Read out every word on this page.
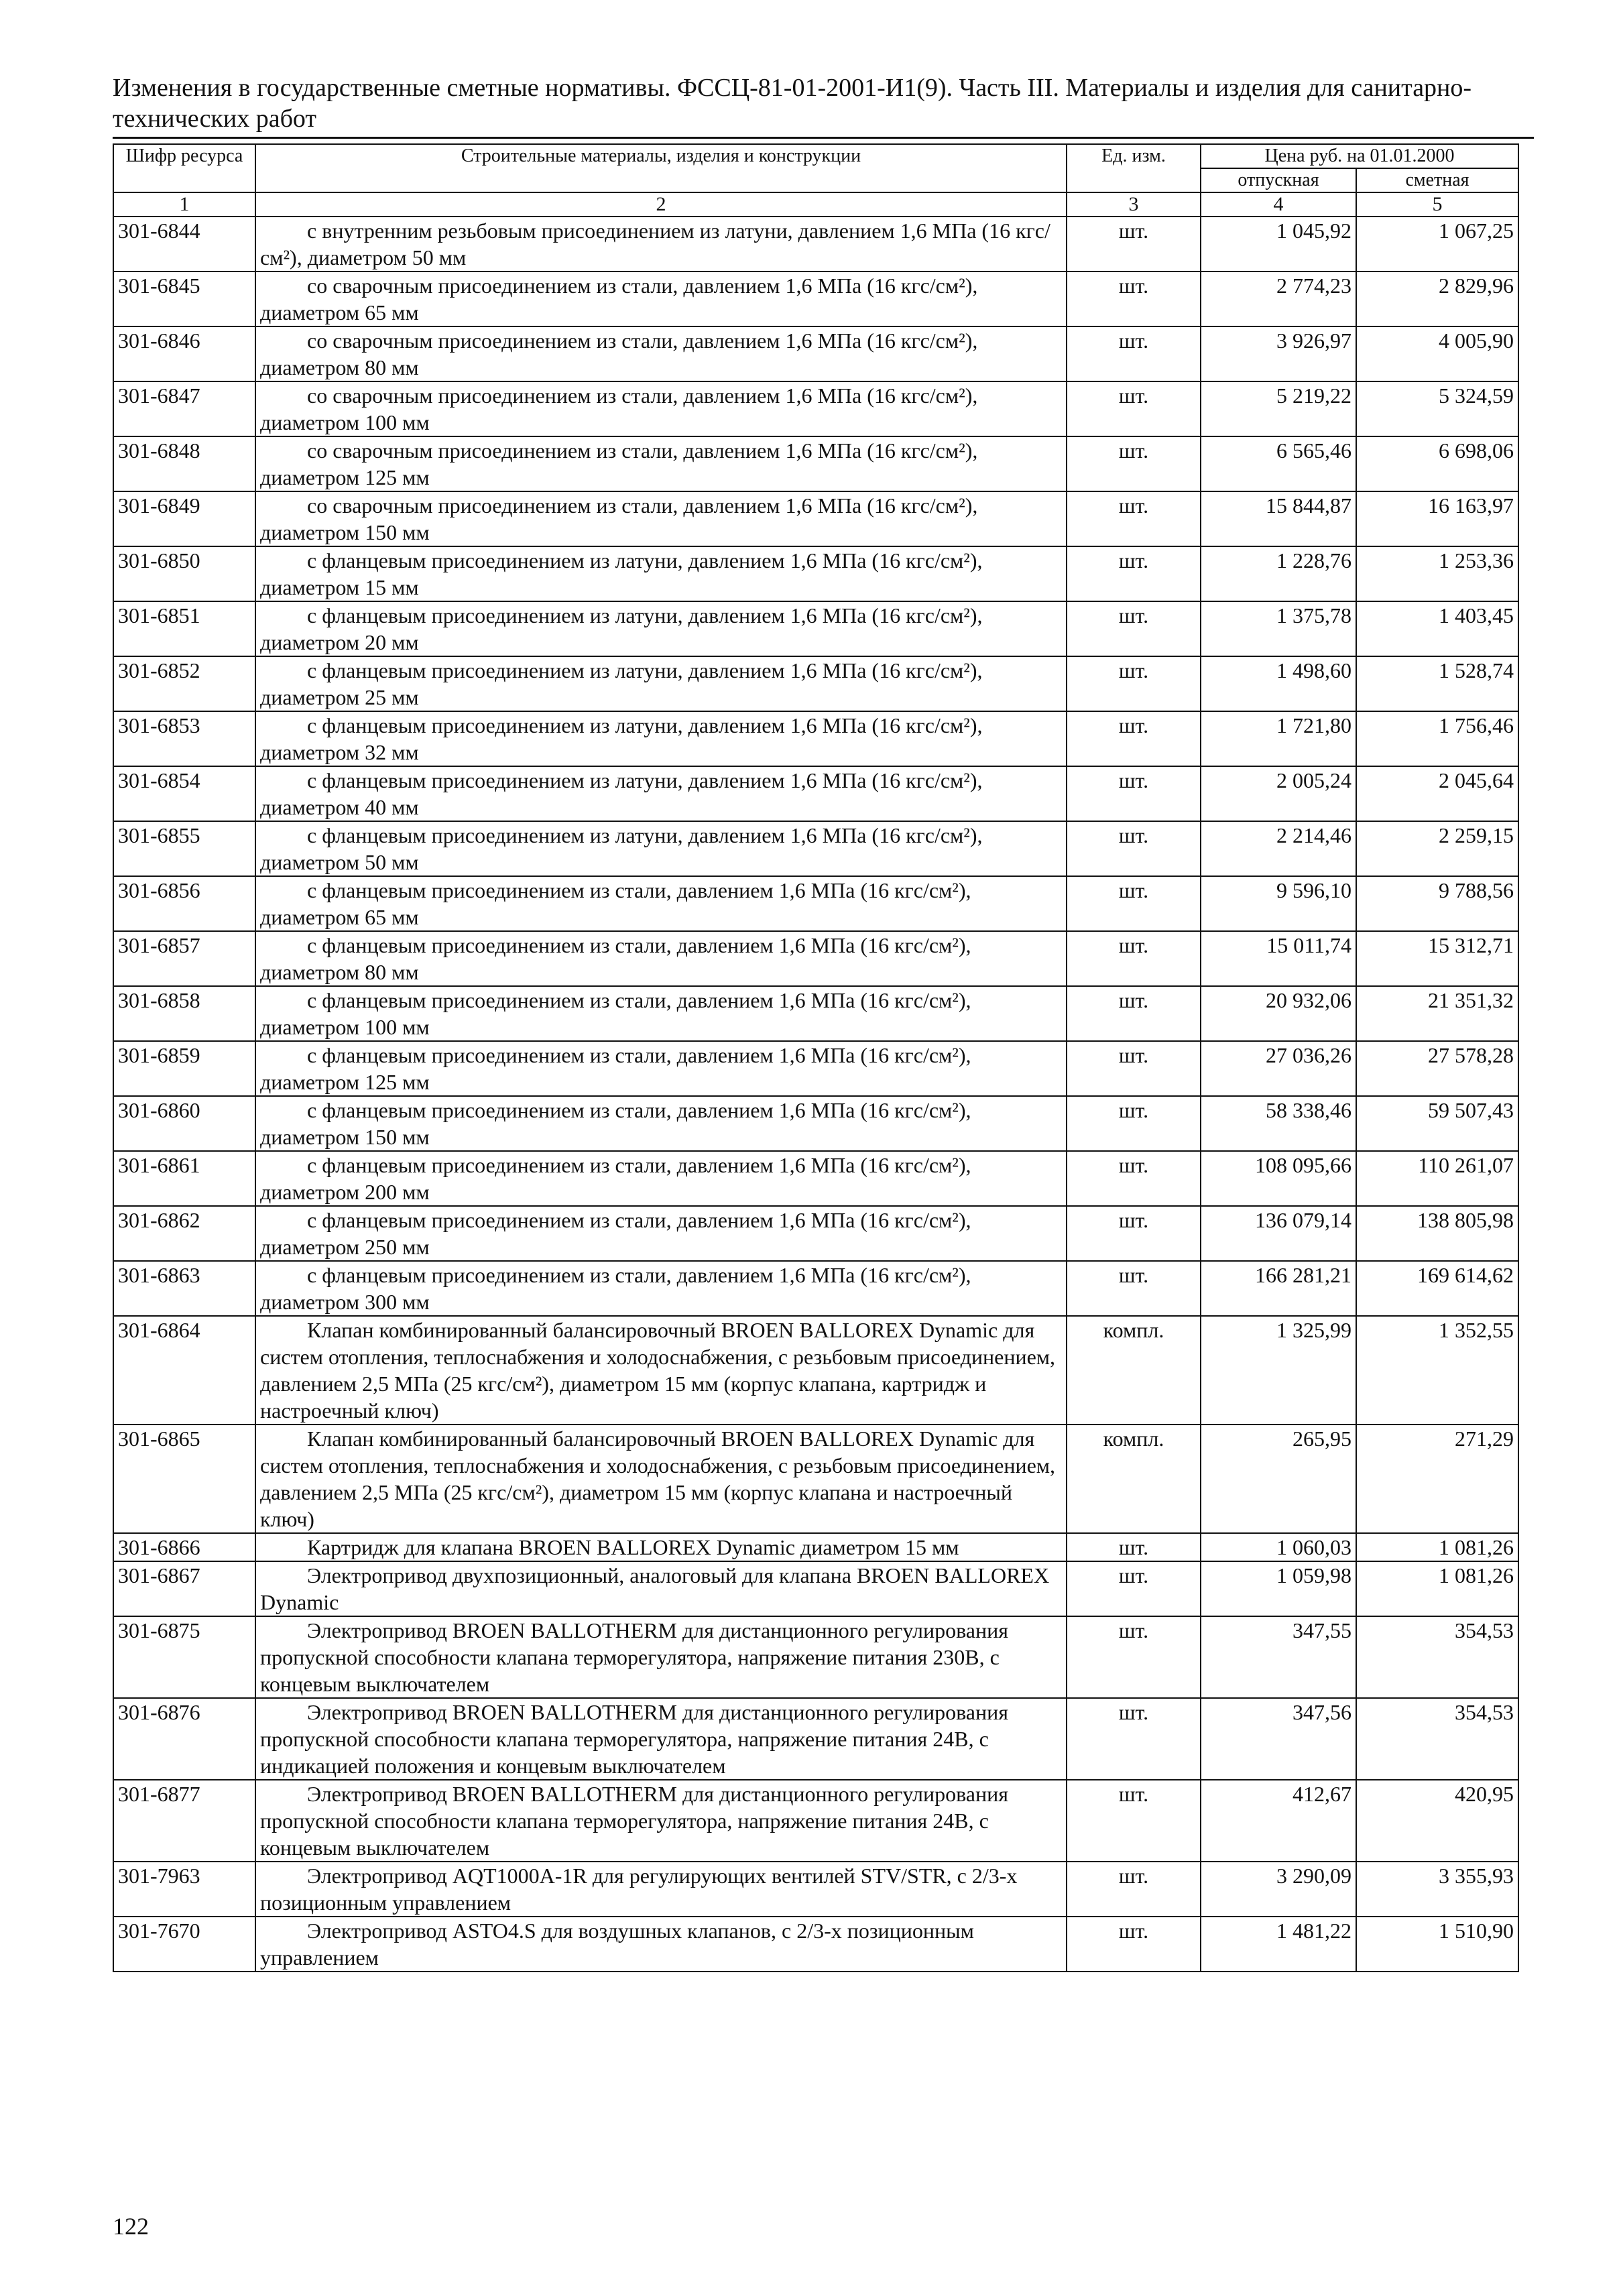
Изменения в государственные сметные нормативы. ФССЦ-81-01-2001-И1(9). Часть III. Материалы и изделия для санитарно-технических работ
Шифр ресурса	Строительные материалы, изделия и конструкции	Ед. изм.	Цена руб. на 01.01.2000	
			отпускная	сметная
1	2	3	4	5
301-6844	с внутренним резьбовым присоединением из латуни, давлением 1,6 МПа (16 кгс/см²), диаметром 50 мм	шт.	1 045,92	1 067,25
301-6845	со сварочным присоединением из стали, давлением 1,6 МПа (16 кгс/см²), диаметром 65 мм	шт.	2 774,23	2 829,96
301-6846	со сварочным присоединением из стали, давлением 1,6 МПа (16 кгс/см²), диаметром 80 мм	шт.	3 926,97	4 005,90
301-6847	со сварочным присоединением из стали, давлением 1,6 МПа (16 кгс/см²), диаметром 100 мм	шт.	5 219,22	5 324,59
301-6848	со сварочным присоединением из стали, давлением 1,6 МПа (16 кгс/см²), диаметром 125 мм	шт.	6 565,46	6 698,06
301-6849	со сварочным присоединением из стали, давлением 1,6 МПа (16 кгс/см²), диаметром 150 мм	шт.	15 844,87	16 163,97
301-6850	с фланцевым присоединением из латуни, давлением 1,6 МПа (16 кгс/см²), диаметром 15 мм	шт.	1 228,76	1 253,36
301-6851	с фланцевым присоединением из латуни, давлением 1,6 МПа (16 кгс/см²), диаметром 20 мм	шт.	1 375,78	1 403,45
301-6852	с фланцевым присоединением из латуни, давлением 1,6 МПа (16 кгс/см²), диаметром 25 мм	шт.	1 498,60	1 528,74
301-6853	с фланцевым присоединением из латуни, давлением 1,6 МПа (16 кгс/см²), диаметром 32 мм	шт.	1 721,80	1 756,46
301-6854	с фланцевым присоединением из латуни, давлением 1,6 МПа (16 кгс/см²), диаметром 40 мм	шт.	2 005,24	2 045,64
301-6855	с фланцевым присоединением из латуни, давлением 1,6 МПа (16 кгс/см²), диаметром 50 мм	шт.	2 214,46	2 259,15
301-6856	с фланцевым присоединением из стали, давлением 1,6 МПа (16 кгс/см²), диаметром 65 мм	шт.	9 596,10	9 788,56
301-6857	с фланцевым присоединением из стали, давлением 1,6 МПа (16 кгс/см²), диаметром 80 мм	шт.	15 011,74	15 312,71
301-6858	с фланцевым присоединением из стали, давлением 1,6 МПа (16 кгс/см²), диаметром 100 мм	шт.	20 932,06	21 351,32
301-6859	с фланцевым присоединением из стали, давлением 1,6 МПа (16 кгс/см²), диаметром 125 мм	шт.	27 036,26	27 578,28
301-6860	с фланцевым присоединением из стали, давлением 1,6 МПа (16 кгс/см²), диаметром 150 мм	шт.	58 338,46	59 507,43
301-6861	с фланцевым присоединением из стали, давлением 1,6 МПа (16 кгс/см²), диаметром 200 мм	шт.	108 095,66	110 261,07
301-6862	с фланцевым присоединением из стали, давлением 1,6 МПа (16 кгс/см²), диаметром 250 мм	шт.	136 079,14	138 805,98
301-6863	с фланцевым присоединением из стали, давлением 1,6 МПа (16 кгс/см²), диаметром 300 мм	шт.	166 281,21	169 614,62
301-6864	Клапан комбинированный балансировочный BROEN BALLOREX Dynamic для систем отопления, теплоснабжения и холодоснабжения, с резьбовым присоединением, давлением 2,5 МПа (25 кгс/см²), диаметром 15 мм (корпус клапана, картридж и настроечный ключ)	компл.	1 325,99	1 352,55
301-6865	Клапан комбинированный балансировочный BROEN BALLOREX Dynamic для систем отопления, теплоснабжения и холодоснабжения, с резьбовым присоединением, давлением 2,5 МПа (25 кгс/см²), диаметром 15 мм (корпус клапана и настроечный ключ)	компл.	265,95	271,29
301-6866	Картридж для клапана BROEN BALLOREX Dynamic диаметром 15 мм	шт.	1 060,03	1 081,26
301-6867	Электропривод двухпозиционный, аналоговый для клапана BROEN BALLOREX Dynamic	шт.	1 059,98	1 081,26
301-6875	Электропривод BROEN BALLOTHERM для дистанционного регулирования пропускной способности клапана терморегулятора, напряжение питания 230В, с концевым выключателем	шт.	347,55	354,53
301-6876	Электропривод BROEN BALLOTHERM для дистанционного регулирования пропускной способности клапана терморегулятора, напряжение питания 24В, с индикацией положения и концевым выключателем	шт.	347,56	354,53
301-6877	Электропривод BROEN BALLOTHERM для дистанционного регулирования пропускной способности клапана терморегулятора, напряжение питания 24В, с концевым выключателем	шт.	412,67	420,95
301-7963	Электропривод AQT1000A-1R для регулирующих вентилей STV/STR, с 2/3-х позиционным управлением	шт.	3 290,09	3 355,93
301-7670	Электропривод ASTO4.S для воздушных клапанов, с 2/3-х позиционным управлением	шт.	1 481,22	1 510,90
122
